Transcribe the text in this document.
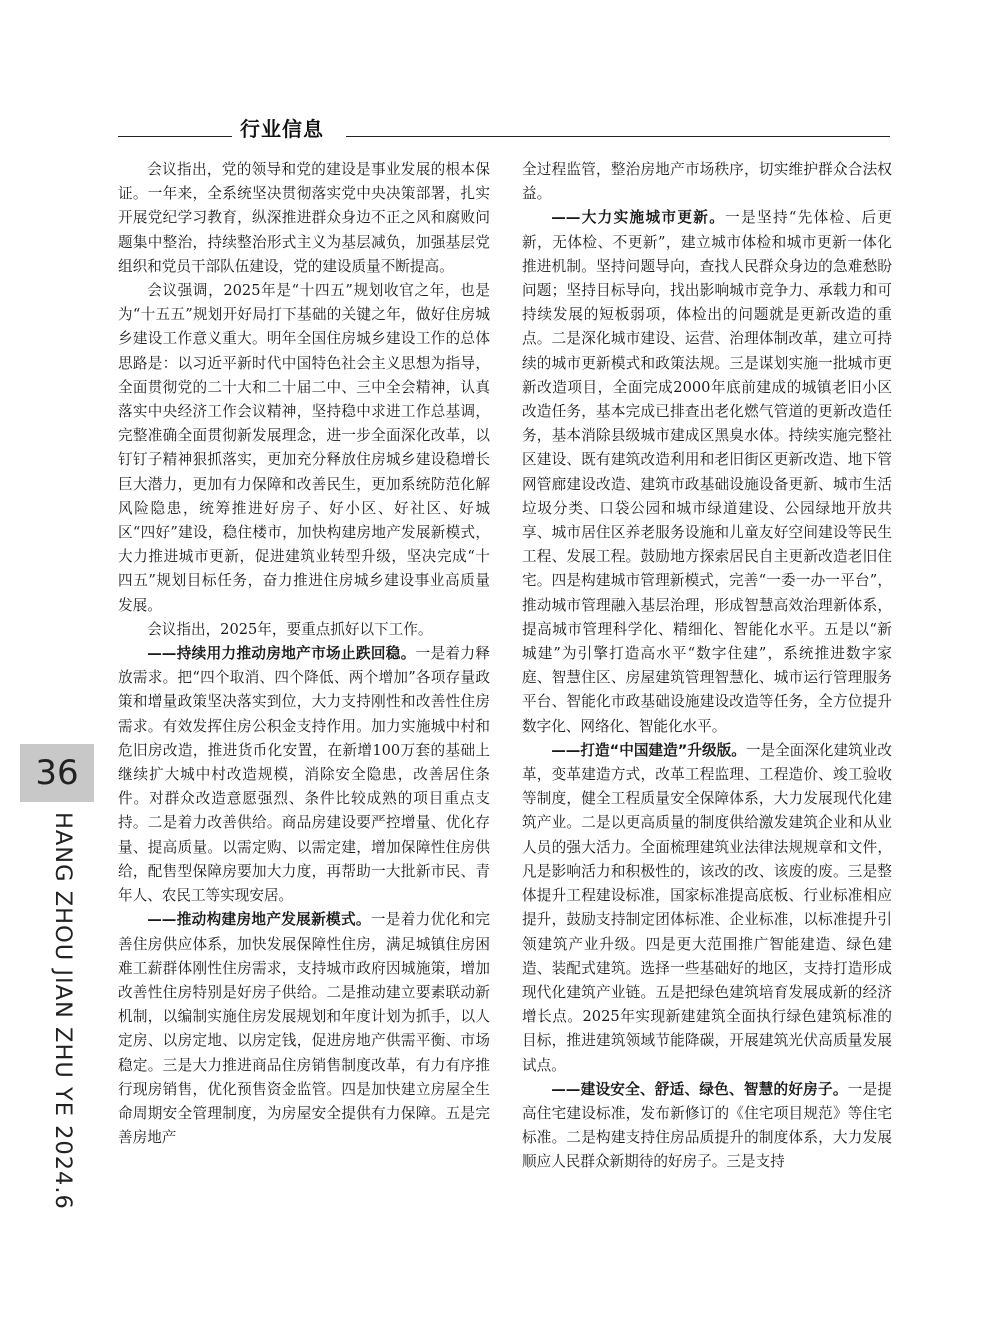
行业信息

会议指出，党的领导和党的建设是事业发展的根本保证。一年来，全系统坚决贯彻落实党中央决策部署，扎实开展党纪学习教育，纵深推进群众身边不正之风和腐败问题集中整治，持续整治形式主义为基层减负，加强基层党组织和党员干部队伍建设，党的建设质量不断提高。

会议强调，2025年是“十四五”规划收官之年，也是为“十五五”规划开好局打下基础的关键之年，做好住房城乡建设工作意义重大。明年全国住房城乡建设工作的总体思路是：以习近平新时代中国特色社会主义思想为指导，全面贯彻党的二十大和二十届二中、三中全会精神，认真落实中央经济工作会议精神，坚持稳中求进工作总基调，完整准确全面贯彻新发展理念，进一步全面深化改革，以钉钉子精神狠抓落实，更加充分释放住房城乡建设稳增长巨大潜力，更加有力保障和改善民生，更加系统防范化解风险隐患，统筹推进好房子、好小区、好社区、好城区“四好”建设，稳住楼市，加快构建房地产发展新模式，大力推进城市更新，促进建筑业转型升级，坚决完成“十四五”规划目标任务，奋力推进住房城乡建设事业高质量发展。

会议指出，2025年，要重点抓好以下工作。

——持续用力推动房地产市场止跌回稳。一是着力释放需求。把“四个取消、四个降低、两个增加”各项存量政策和增量政策坚决落实到位，大力支持刚性和改善性住房需求。有效发挥住房公积金支持作用。加力实施城中村和危旧房改造，推进货币化安置，在新增100万套的基础上继续扩大城中村改造规模，消除安全隐患，改善居住条件。对群众改造意愿强烈、条件比较成熟的项目重点支持。二是着力改善供给。商品房建设要严控增量、优化存量、提高质量。以需定购、以需定建，增加保障性住房供给，配售型保障房要加大力度，再帮助一大批新市民、青年人、农民工等实现安居。

——推动构建房地产发展新模式。一是着力优化和完善住房供应体系，加快发展保障性住房，满足城镇住房困难工薪群体刚性住房需求，支持城市政府因城施策，增加改善性住房特别是好房子供给。二是推动建立要素联动新机制，以编制实施住房发展规划和年度计划为抓手，以人定房、以房定地、以房定钱，促进房地产供需平衡、市场稳定。三是大力推进商品住房销售制度改革，有力有序推行现房销售，优化预售资金监管。四是加快建立房屋全生命周期安全管理制度，为房屋安全提供有力保障。五是完善房地产

全过程监管，整治房地产市场秩序，切实维护群众合法权益。

——大力实施城市更新。一是坚持“先体检、后更新，无体检、不更新”，建立城市体检和城市更新一体化推进机制。坚持问题导向，查找人民群众身边的急难愁盼问题；坚持目标导向，找出影响城市竞争力、承载力和可持续发展的短板弱项，体检出的问题就是更新改造的重点。二是深化城市建设、运营、治理体制改革，建立可持续的城市更新模式和政策法规。三是谋划实施一批城市更新改造项目，全面完成2000年底前建成的城镇老旧小区改造任务，基本完成已排查出老化燃气管道的更新改造任务，基本消除县级城市建成区黑臭水体。持续实施完整社区建设、既有建筑改造利用和老旧街区更新改造、地下管网管廊建设改造、建筑市政基础设施设备更新、城市生活垃圾分类、口袋公园和城市绿道建设、公园绿地开放共享、城市居住区养老服务设施和儿童友好空间建设等民生工程、发展工程。鼓励地方探索居民自主更新改造老旧住宅。四是构建城市管理新模式，完善“一委一办一平台”，推动城市管理融入基层治理，形成智慧高效治理新体系，提高城市管理科学化、精细化、智能化水平。五是以“新城建”为引擎打造高水平“数字住建”，系统推进数字家庭、智慧住区、房屋建筑管理智慧化、城市运行管理服务平台、智能化市政基础设施建设改造等任务，全方位提升数字化、网络化、智能化水平。

——打造“中国建造”升级版。一是全面深化建筑业改革，变革建造方式，改革工程监理、工程造价、竣工验收等制度，健全工程质量安全保障体系，大力发展现代化建筑产业。二是以更高质量的制度供给激发建筑企业和从业人员的强大活力。全面梳理建筑业法律法规规章和文件，凡是影响活力和积极性的，该改的改、该废的废。三是整体提升工程建设标准，国家标准提高底板、行业标准相应提升，鼓励支持制定团体标准、企业标准，以标准提升引领建筑产业升级。四是更大范围推广智能建造、绿色建造、装配式建筑。选择一些基础好的地区，支持打造形成现代化建筑产业链。五是把绿色建筑培育发展成新的经济增长点。2025年实现新建建筑全面执行绿色建筑标准的目标，推进建筑领域节能降碳，开展建筑光伏高质量发展试点。

——建设安全、舒适、绿色、智慧的好房子。一是提高住宅建设标准，发布新修订的《住宅项目规范》等住宅标准。二是构建支持住房品质提升的制度体系，大力发展顺应人民群众新期待的好房子。三是支持

36
HANG ZHOU JIAN ZHU YE 2024.6
